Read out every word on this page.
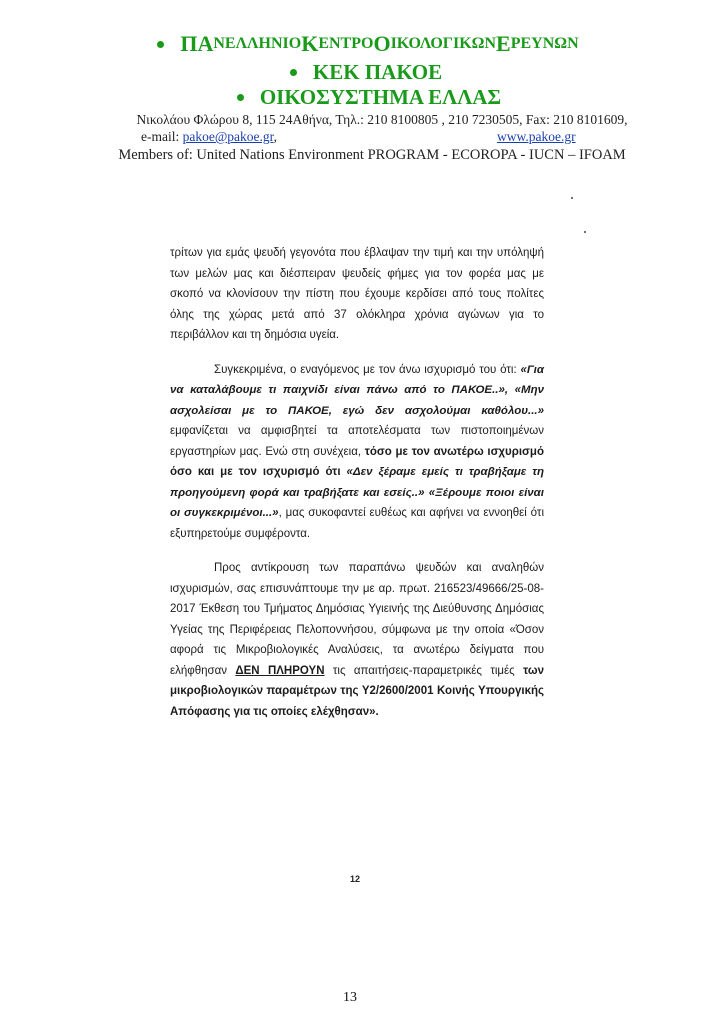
ΠΑ ΝΕΛΛΗΝΙΟ Κ ΕΝΤΡΟ Ο ΙΚΟΛΟΓΙΚΩΝ Ε ΡΕΥΝΩΝ
ΚΕΚ ΠΑΚΟΕ
ΟΙΚΟΣΥΣΤΗΜΑ ΕΛΛΑΣ
Νικολάου Φλώρου 8, 115 24Αθήνα, Τηλ.: 210 8100805 , 210 7230505, Fax: 210 8101609,
e-mail: pakoe@pakoe.gr,	www.pakoe.gr
Members of: United Nations Environment PROGRAM - ECOROPA - IUCN – IFOAM

τρίτων για εμάς ψευδή γεγονότα που έβλαψαν την τιμή και την υπόληψή των μελών μας και διέσπειραν ψευδείς φήμες για τον φορέα μας με σκοπό να κλονίσουν την πίστη που έχουμε κερδίσει από τους πολίτες όλης της χώρας μετά από 37 ολόκληρα χρόνια αγώνων για το περιβάλλον και τη δημόσια υγεία.

Συγκεκριμένα, ο εναγόμενος με τον άνω ισχυρισμό του ότι: «Για να καταλάβουμε τι παιχνίδι είναι πάνω από το ΠΑΚΟΕ..», «Μην ασχολείσαι με το ΠΑΚΟΕ, εγώ δεν ασχολούμαι καθόλου...» εμφανίζεται να αμφισβητεί τα αποτελέσματα των πιστοποιημένων εργαστηρίων μας. Ενώ στη συνέχεια, τόσο με τον ανωτέρω ισχυρισμό όσο και με τον ισχυρισμό ότι «Δεν ξέραμε εμείς τι τραβήξαμε τη προηγούμενη φορά και τραβήξατε και εσείς..» «Ξέρουμε ποιοι είναι οι συγκεκριμένοι...», μας συκοφαντεί ευθέως και αφήνει να εννοηθεί ότι εξυπηρετούμε συμφέροντα.

Προς αντίκρουση των παραπάνω ψευδών και αναληθών ισχυρισμών, σας επισυνάπτουμε την με αρ. πρωτ. 216523/49666/25-08-2017 Έκθεση του Τμήματος Δημόσιας Υγιεινής της Διεύθυνσης Δημόσιας Υγείας της Περιφέρειας Πελοποννήσου, σύμφωνα με την οποία «Όσον αφορά τις Μικροβιολογικές Αναλύσεις, τα ανωτέρω δείγματα που ελήφθησαν ΔΕΝ ΠΛΗΡΟΥΝ τις απαιτήσεις-παραμετρικές τιμές των μικροβιολογικών παραμέτρων της Υ2/2600/2001 Κοινής Υπουργικής Απόφασης για τις οποίες ελέχθησαν».

12
13
